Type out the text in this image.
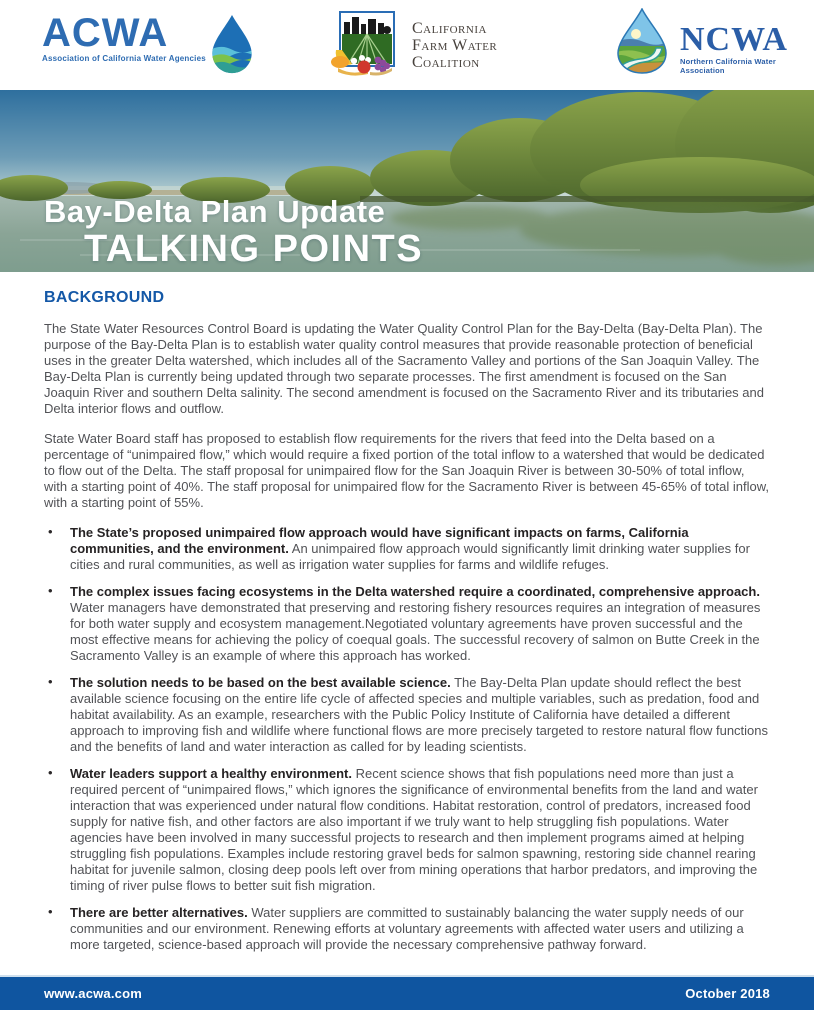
ACWA
Association of California Water Agencies
California
Farm Water
Coalition
NCWA
Northern California Water Association
Bay-Delta Plan Update
TALKING POINTS
BACKGROUND

The State Water Resources Control Board is updating the Water Quality Control Plan for the Bay-Delta (Bay-Delta Plan). The purpose of the Bay-Delta Plan is to establish water quality control measures that provide reasonable protection of beneficial uses in the greater Delta watershed, which includes all of the Sacramento Valley and portions of the San Joaquin Valley. The Bay-Delta Plan is currently being updated through two separate processes. The first amendment is focused on the San Joaquin River and southern Delta salinity. The second amendment is focused on the Sacramento River and its tributaries and Delta interior flows and outflow.

State Water Board staff has proposed to establish flow requirements for the rivers that feed into the Delta based on a percentage of “unimpaired flow,” which would require a fixed portion of the total inflow to a watershed that would be dedicated to flow out of the Delta. The staff proposal for unimpaired flow for the San Joaquin River is between 30-50% of total inflow, with a starting point of 40%. The staff proposal for unimpaired flow for the Sacramento River is between 45-65% of total inflow, with a starting point of 55%.

• The State’s proposed unimpaired flow approach would have significant impacts on farms, California communities, and the environment. An unimpaired flow approach would significantly limit drinking water supplies for cities and rural communities, as well as irrigation water supplies for farms and wildlife refuges.
• The complex issues facing ecosystems in the Delta watershed require a coordinated, comprehensive approach. Water managers have demonstrated that preserving and restoring fishery resources requires an integration of measures for both water supply and ecosystem management.Negotiated voluntary agreements have proven successful and the most effective means for achieving the policy of coequal goals. The successful recovery of salmon on Butte Creek in the Sacramento Valley is an example of where this approach has worked.
• The solution needs to be based on the best available science. The Bay-Delta Plan update should reflect the best available science focusing on the entire life cycle of affected species and multiple variables, such as predation, food and habitat availability. As an example, researchers with the Public Policy Institute of California have detailed a different approach to improving fish and wildlife where functional flows are more precisely targeted to restore natural flow functions and the benefits of land and water interaction as called for by leading scientists.
• Water leaders support a healthy environment. Recent science shows that fish populations need more than just a required percent of “unimpaired flows,” which ignores the significance of environmental benefits from the land and water interaction that was experienced under natural flow conditions. Habitat restoration, control of predators, increased food supply for native fish, and other factors are also important if we truly want to help struggling fish populations. Water agencies have been involved in many successful projects to research and then implement programs aimed at helping struggling fish populations. Examples include restoring gravel beds for salmon spawning, restoring side channel rearing habitat for juvenile salmon, closing deep pools left over from mining operations that harbor predators, and improving the timing of river pulse flows to better suit fish migration.
• There are better alternatives. Water suppliers are committed to sustainably balancing the water supply needs of our communities and our environment. Renewing efforts at voluntary agreements with affected water users and utilizing a more targeted, science-based approach will provide the necessary comprehensive pathway forward.
www.acwa.com	October 2018
